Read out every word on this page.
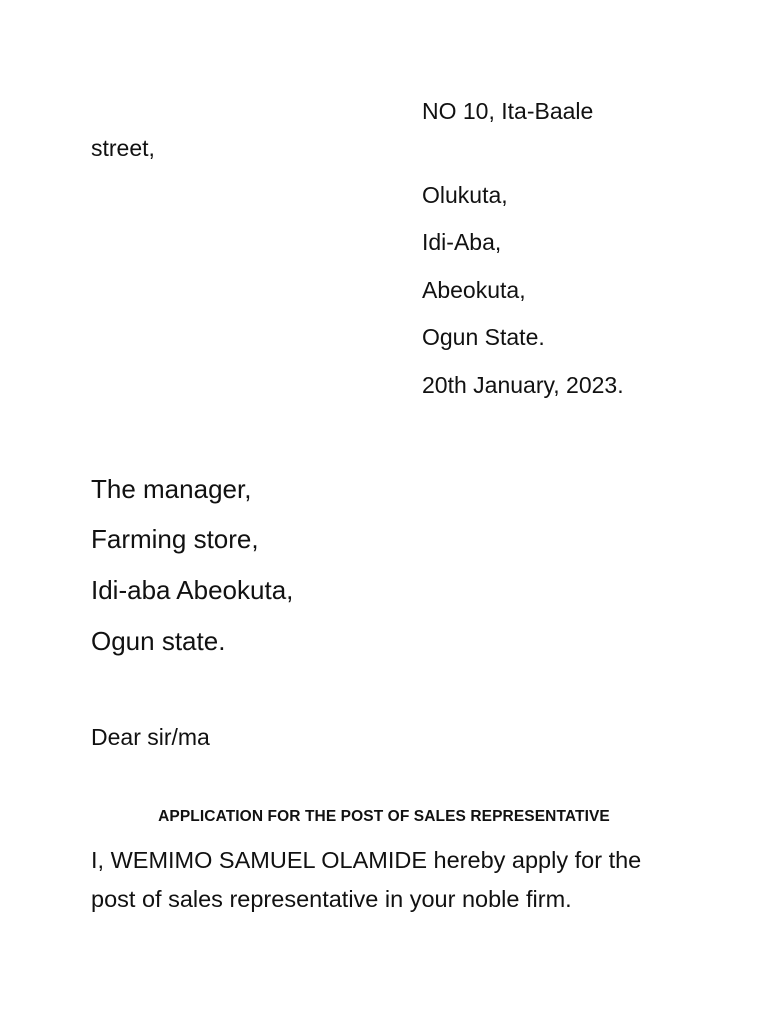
NO 10, Ita-Baale
street,
Olukuta,
Idi-Aba,
Abeokuta,
Ogun State.
20th January, 2023.
The manager,
Farming store,
Idi-aba Abeokuta,
Ogun state.
Dear sir/ma
APPLICATION FOR THE POST OF SALES REPRESENTATIVE
I, WEMIMO SAMUEL OLAMIDE hereby apply for the
post of sales representative in your noble firm.
